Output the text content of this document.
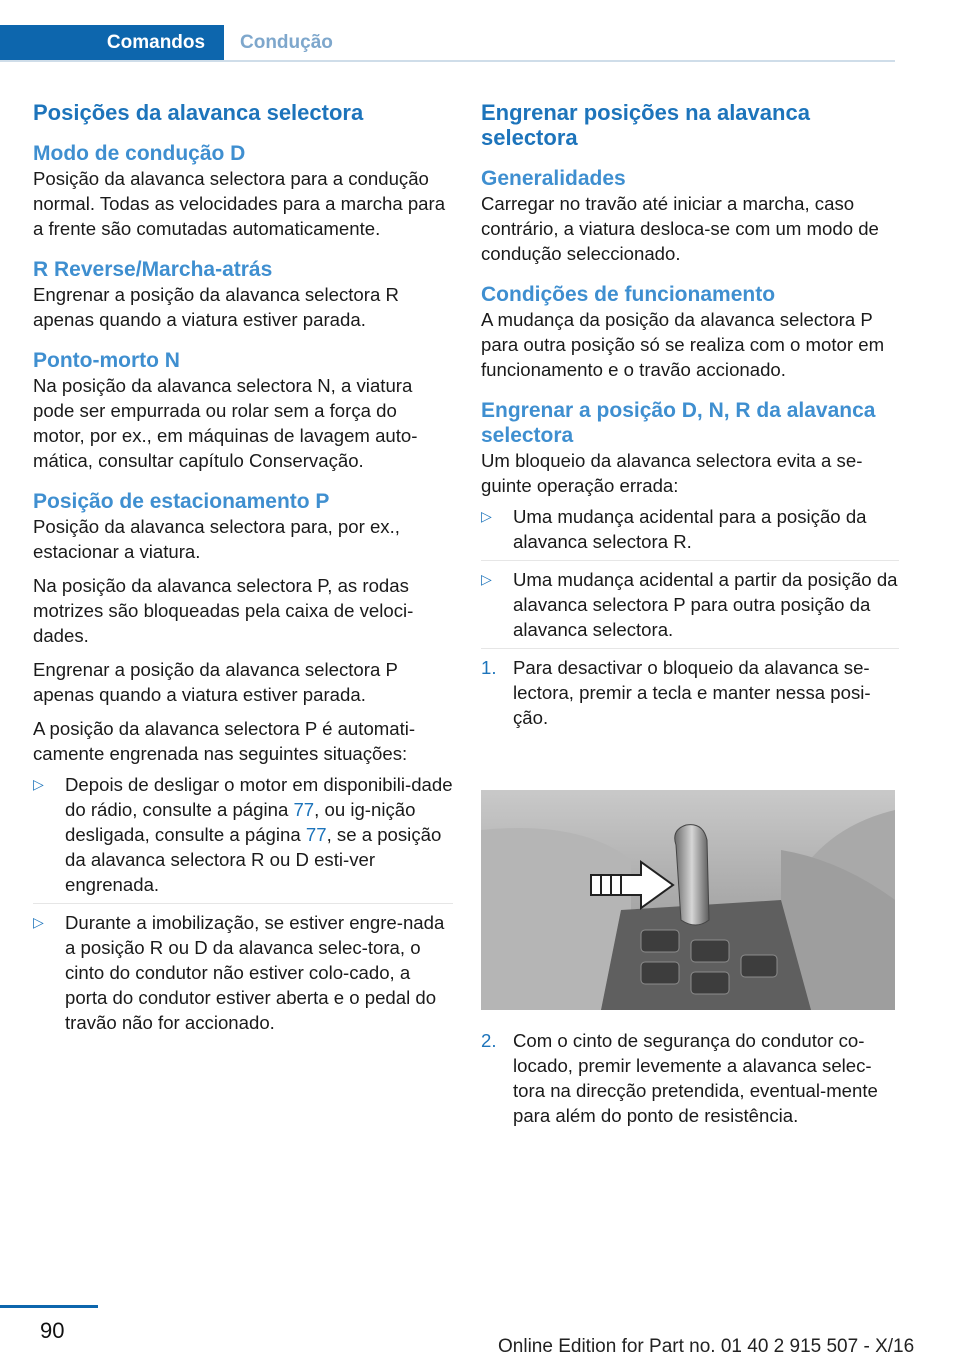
Comandos	Condução
Posições da alavanca selectora
Modo de condução D

Posição da alavanca selectora para a condução normal. Todas as velocidades para a marcha para a frente são comutadas automaticamente.

R Reverse/Marcha-atrás

Engrenar a posição da alavanca selectora R apenas quando a viatura estiver parada.

Ponto-morto N

Na posição da alavanca selectora N, a viatura pode ser empurrada ou rolar sem a força do motor, por ex., em máquinas de lavagem auto‐mática, consultar capítulo Conservação.

Posição de estacionamento P

Posição da alavanca selectora para, por ex., estacionar a viatura.

Na posição da alavanca selectora P, as rodas motrizes são bloqueadas pela caixa de veloci‐dades.

Engrenar a posição da alavanca selectora P apenas quando a viatura estiver parada.

A posição da alavanca selectora P é automati‐camente engrenada nas seguintes situações:

▷ Depois de desligar o motor em disponibili‐dade do rádio, consulte a página 77, ou ig‐nição desligada, consulte a página 77, se a posição da alavanca selectora R ou D esti‐ver engrenada.
▷ Durante a imobilização, se estiver engre‐nada a posição R ou D da alavanca selec‐tora, o cinto do condutor não estiver colo‐cado, a porta do condutor estiver aberta e o pedal do travão não for accionado.
Engrenar posições na alavanca selectora
Generalidades

Carregar no travão até iniciar a marcha, caso contrário, a viatura desloca-se com um modo de condução seleccionado.

Condições de funcionamento

A mudança da posição da alavanca selectora P para outra posição só se realiza com o motor em funcionamento e o travão accionado.

Engrenar a posição D, N, R da alavanca selectora

Um bloqueio da alavanca selectora evita a se‐guinte operação errada:

▷ Uma mudança acidental para a posição da alavanca selectora R.
▷ Uma mudança acidental a partir da posição da alavanca selectora P para outra posição da alavanca selectora.
1. Para desactivar o bloqueio da alavanca se‐lectora, premir a tecla e manter nessa posi‐ção.
2. Com o cinto de segurança do condutor co‐locado, premir levemente a alavanca selec‐tora na direcção pretendida, eventual‐mente para além do ponto de resistência.
90
Online Edition for Part no. 01 40 2 915 507 - X/16
